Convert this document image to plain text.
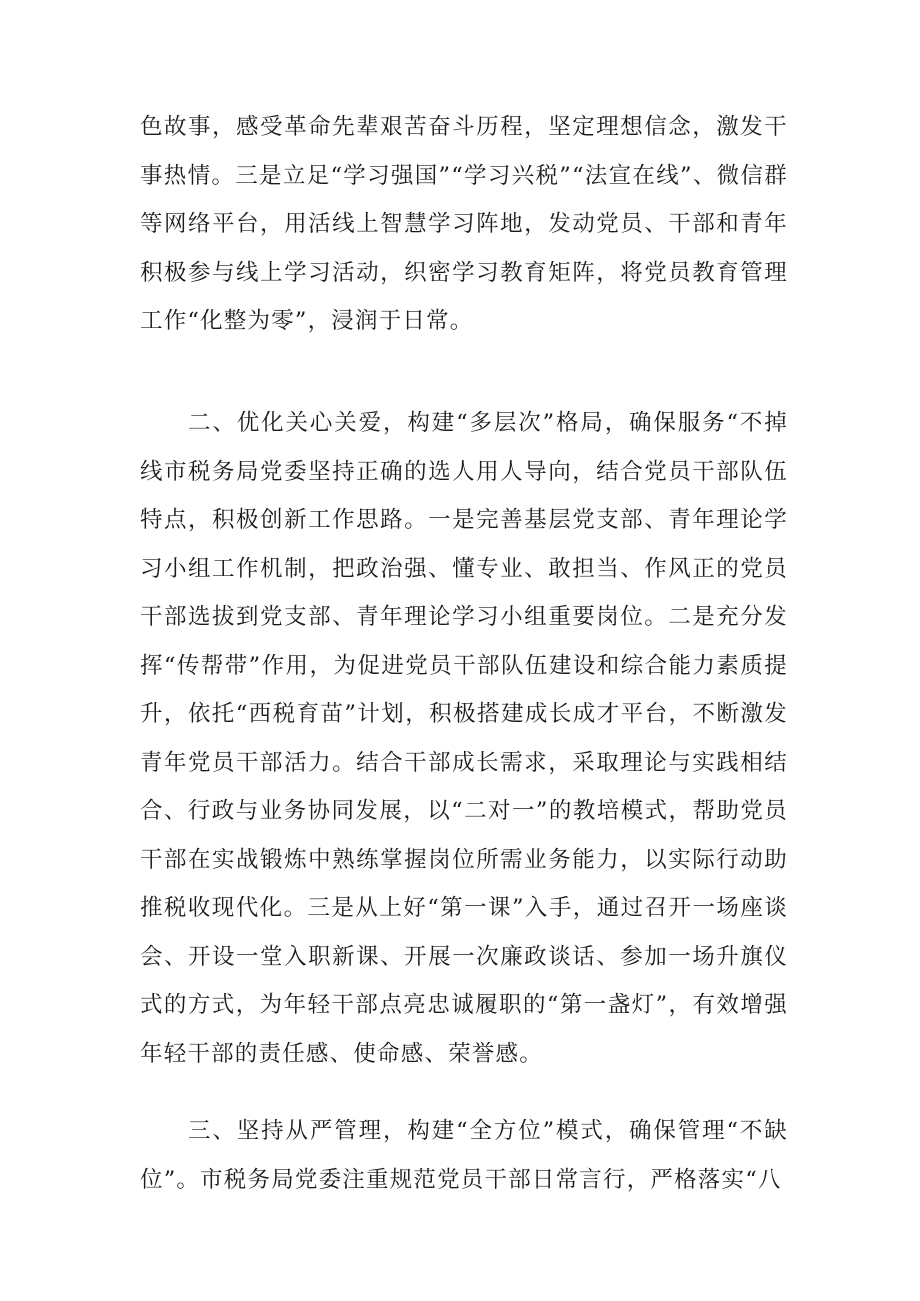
色故事，感受革命先辈艰苦奋斗历程，坚定理想信念，激发干事热情。三是立足“学习强国”“学习兴税”“法宣在线”、微信群等网络平台，用活线上智慧学习阵地，发动党员、干部和青年积极参与线上学习活动，织密学习教育矩阵，将党员教育管理工作“化整为零”，浸润于日常。

二、优化关心关爱，构建“多层次”格局，确保服务“不掉线市税务局党委坚持正确的选人用人导向，结合党员干部队伍特点，积极创新工作思路。一是完善基层党支部、青年理论学习小组工作机制，把政治强、懂专业、敢担当、作风正的党员干部选拔到党支部、青年理论学习小组重要岗位。二是充分发挥“传帮带”作用，为促进党员干部队伍建设和综合能力素质提升，依托“西税育苗”计划，积极搭建成长成才平台，不断激发青年党员干部活力。结合干部成长需求，采取理论与实践相结合、行政与业务协同发展，以“二对一”的教培模式，帮助党员干部在实战锻炼中熟练掌握岗位所需业务能力，以实际行动助推税收现代化。三是从上好“第一课”入手，通过召开一场座谈会、开设一堂入职新课、开展一次廉政谈话、参加一场升旗仪式的方式，为年轻干部点亮忠诚履职的“第一盏灯”，有效增强年轻干部的责任感、使命感、荣誉感。

三、坚持从严管理，构建“全方位”模式，确保管理“不缺位”。市税务局党委注重规范党员干部日常言行，严格落实“八
